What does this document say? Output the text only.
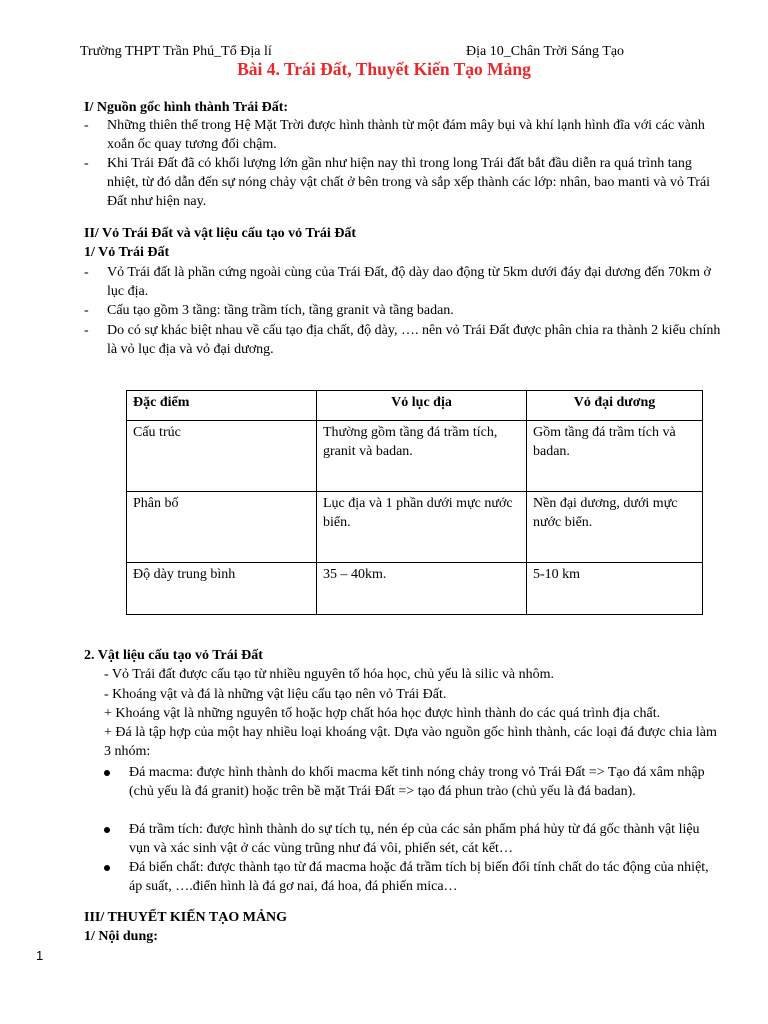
Trường THPT Trần Phú_Tổ Địa lí	Địa 10_Chân Trời Sáng Tạo
Bài 4. Trái Đất, Thuyết Kiến Tạo Mảng
I/ Nguồn gốc hình thành Trái Đất:
- Những thiên thể trong Hệ Mặt Trời được hình thành từ một đám mây bụi và khí lạnh hình đĩa với các vành xoắn ốc quay tương đối chậm.
- Khi Trái Đất đã có khối lượng lớn gần như hiện nay thì trong long Trái đất bắt đầu diễn ra quá trình tang nhiệt, từ đó dẫn đến sự nóng chảy vật chất ở bên trong và sắp xếp thành các lớp: nhân, bao manti và vỏ Trái Đất như hiện nay.
II/ Vỏ Trái Đất và vật liệu cấu tạo vỏ Trái Đất
1/ Vỏ Trái Đất
- Vỏ Trái đất là phần cứng ngoài cùng của Trái Đất, độ dày dao động từ 5km dưới đáy đại dương đến 70km ở lục địa.
- Cấu tạo gồm 3 tầng: tầng trầm tích, tầng granit và tầng badan.
- Do có sự khác biệt nhau về cấu tạo địa chất, độ dày, …. nên vỏ Trái Đất được phân chia ra thành 2 kiểu chính là vỏ lục địa và vỏ đại dương.
Đặc điểm	Vỏ lục địa	Vỏ đại dương
Cấu trúc	Thường gồm tầng đá trầm tích, granit và badan.	Gồm tầng đá trầm tích và badan.
Phân bố	Lục địa và 1 phần dưới mực nước biển.	Nền đại dương, dưới mực nước biển.
Độ dày trung bình	35 – 40km.	5-10 km
2. Vật liệu cấu tạo vỏ Trái Đất
- Vỏ Trái đất được cấu tạo từ nhiều nguyên tố hóa học, chủ yếu là silic và nhôm.
- Khoáng vật và đá là những vật liệu cấu tạo nên vỏ Trái Đất.
+ Khoáng vật là những nguyên tố hoặc hợp chất hóa học được hình thành do các quá trình địa chất.
+ Đá là tập hợp của một hay nhiều loại khoáng vật. Dựa vào nguồn gốc hình thành, các loại đá được chia làm 3 nhóm:
Đá macma: được hình thành do khối macma kết tinh nóng chảy trong vỏ Trái Đất => Tạo đá xâm nhập (chủ yếu là đá granit) hoặc trên bề mặt Trái Đất => tạo đá phun trào (chủ yếu là đá badan).
Đá trầm tích: được hình thành do sự tích tụ, nén ép của các sản phẩm phá hủy từ đá gốc thành vật liệu vụn và xác sinh vật ở các vùng trũng như đá vôi, phiến sét, cát kết…
Đá biến chất: được thành tạo từ đá macma hoặc đá trầm tích bị biến đổi tính chất do tác động của nhiệt, áp suất, ….điển hình là đá gơ nai, đá hoa, đá phiến mica…
III/ THUYẾT KIẾN TẠO MẢNG
1/ Nội dung:
1
